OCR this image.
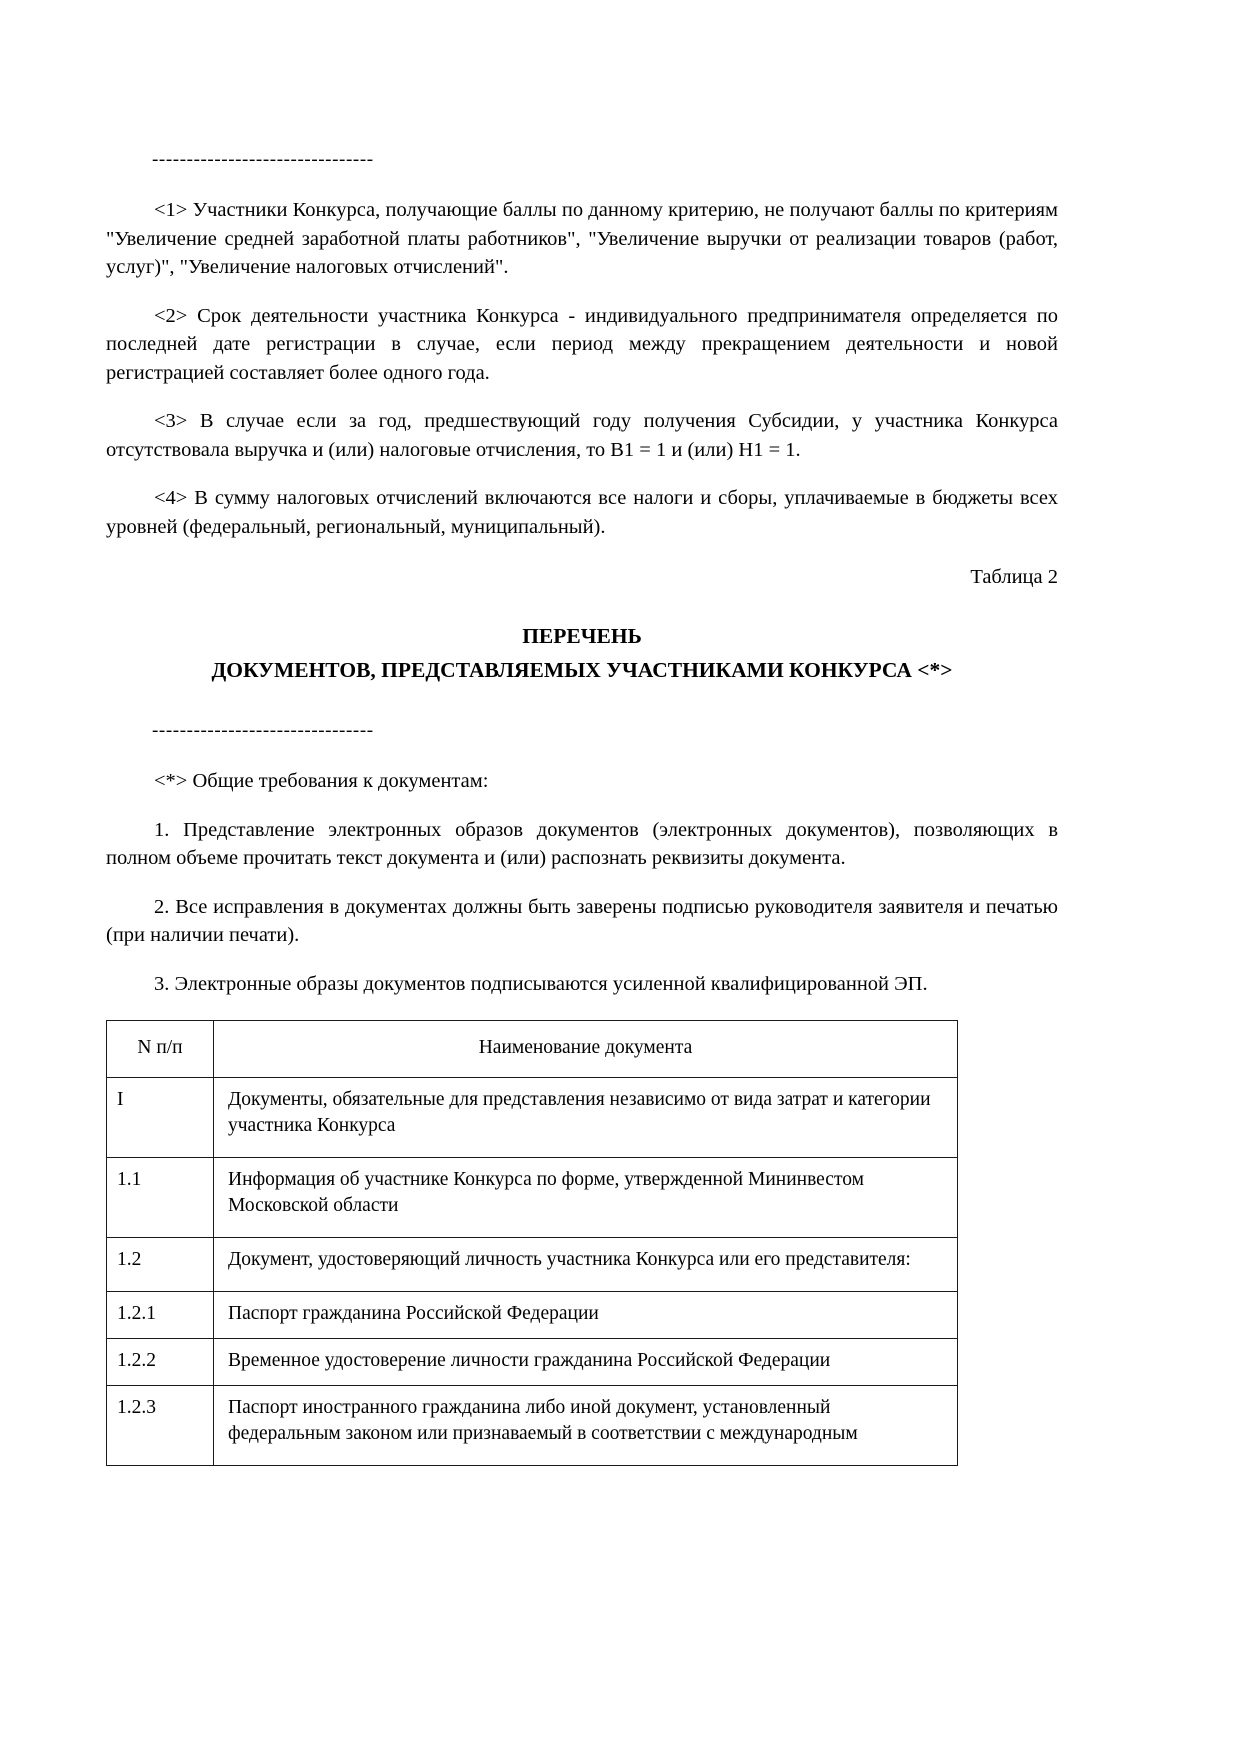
--------------------------------

<1> Участники Конкурса, получающие баллы по данному критерию, не получают баллы по критериям "Увеличение средней заработной платы работников", "Увеличение выручки от реализации товаров (работ, услуг)", "Увеличение налоговых отчислений".

<2> Срок деятельности участника Конкурса - индивидуального предпринимателя определяется по последней дате регистрации в случае, если период между прекращением деятельности и новой регистрацией составляет более одного года.

<3> В случае если за год, предшествующий году получения Субсидии, у участника Конкурса отсутствовала выручка и (или) налоговые отчисления, то В1 = 1 и (или) Н1 = 1.

<4> В сумму налоговых отчислений включаются все налоги и сборы, уплачиваемые в бюджеты всех уровней (федеральный, региональный, муниципальный).

Таблица 2
ПЕРЕЧЕНЬ
ДОКУМЕНТОВ, ПРЕДСТАВЛЯЕМЫХ УЧАСТНИКАМИ КОНКУРСА <*>
--------------------------------

<*> Общие требования к документам:

1. Представление электронных образов документов (электронных документов), позволяющих в полном объеме прочитать текст документа и (или) распознать реквизиты документа.

2. Все исправления в документах должны быть заверены подписью руководителя заявителя и печатью (при наличии печати).

3. Электронные образы документов подписываются усиленной квалифицированной ЭП.

N п/п	Наименование документа
I	Документы, обязательные для представления независимо от вида затрат и категории участника Конкурса
1.1	Информация об участнике Конкурса по форме, утвержденной Мининвестом Московской области
1.2	Документ, удостоверяющий личность участника Конкурса или его представителя:
1.2.1	Паспорт гражданина Российской Федерации
1.2.2	Временное удостоверение личности гражданина Российской Федерации
1.2.3	Паспорт иностранного гражданина либо иной документ, установленный федеральным законом или признаваемый в соответствии с международным
